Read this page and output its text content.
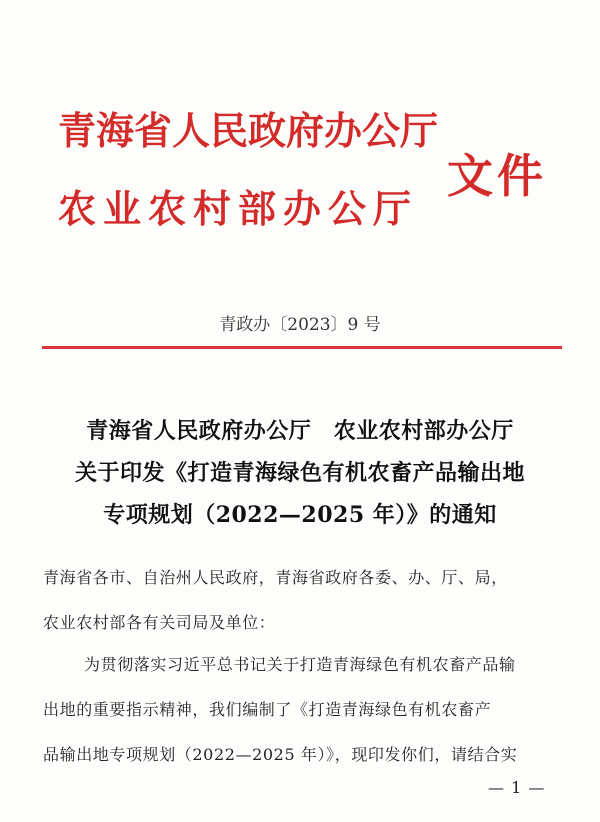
青海省人民政府办公厅
农业农村部办公厅
文件
青政办〔2023〕9 号
青海省人民政府办公厅　农业农村部办公厅
关于印发《打造青海绿色有机农畜产品输出地
专项规划（2022—2025 年）》的通知
青海省各市、自治州人民政府，青海省政府各委、办、厅、局，
农业农村部各有关司局及单位：
为贯彻落实习近平总书记关于打造青海绿色有机农畜产品输
出地的重要指示精神，我们编制了《打造青海绿色有机农畜产
品输出地专项规划（2022—2025 年）》，现印发你们，请结合实
— 1 —
